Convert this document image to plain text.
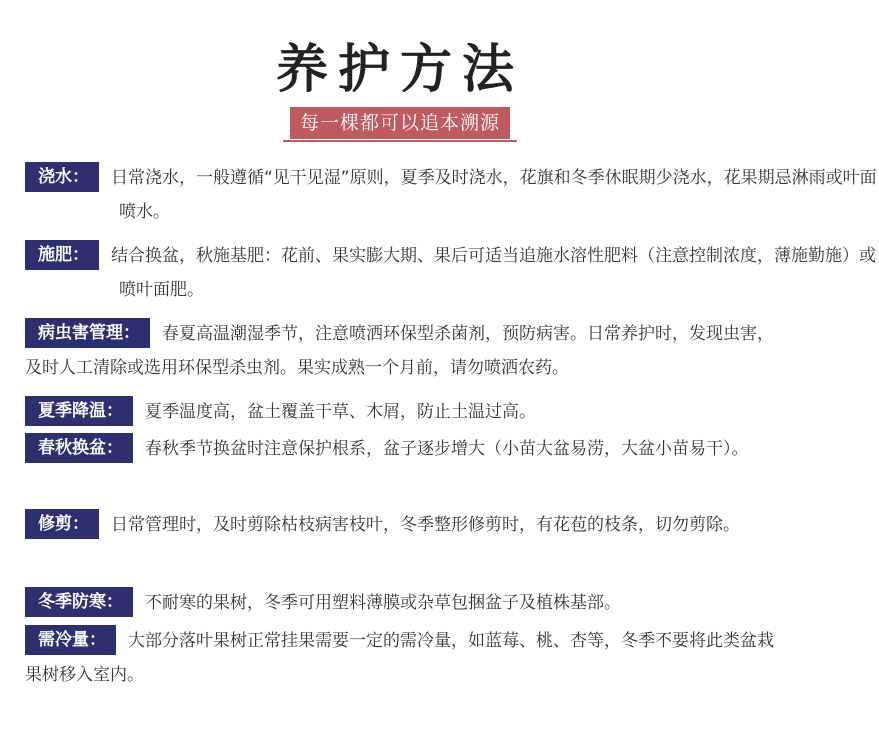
养护方法
每一棵都可以追本溯源
浇水： 日常浇水，一般遵循“见干见湿”原则，夏季及时浇水，花旗和冬季休眠期少浇水，花果期忌淋雨或叶面喷水。
施肥： 结合换盆，秋施基肥：花前、果实膨大期、果后可适当追施水溶性肥料（注意控制浓度，薄施勤施）或喷叶面肥。
病虫害管理： 春夏高温潮湿季节，注意喷洒环保型杀菌剂，预防病害。日常养护时，发现虫害，及时人工清除或选用环保型杀虫剂。果实成熟一个月前，请勿喷洒农药。
夏季降温： 夏季温度高，盆土覆盖干草、木屑，防止土温过高。
春秋换盆： 春秋季节换盆时注意保护根系，盆子逐步增大（小苗大盆易涝，大盆小苗易干）。
修剪： 日常管理时，及时剪除枯枝病害枝叶，冬季整形修剪时，有花苞的枝条，切勿剪除。
冬季防寒： 不耐寒的果树，冬季可用塑料薄膜或杂草包捆盆子及植株基部。
需冷量： 大部分落叶果树正常挂果需要一定的需冷量，如蓝莓、桃、杏等，冬季不要将此类盆栽果树移入室内。
